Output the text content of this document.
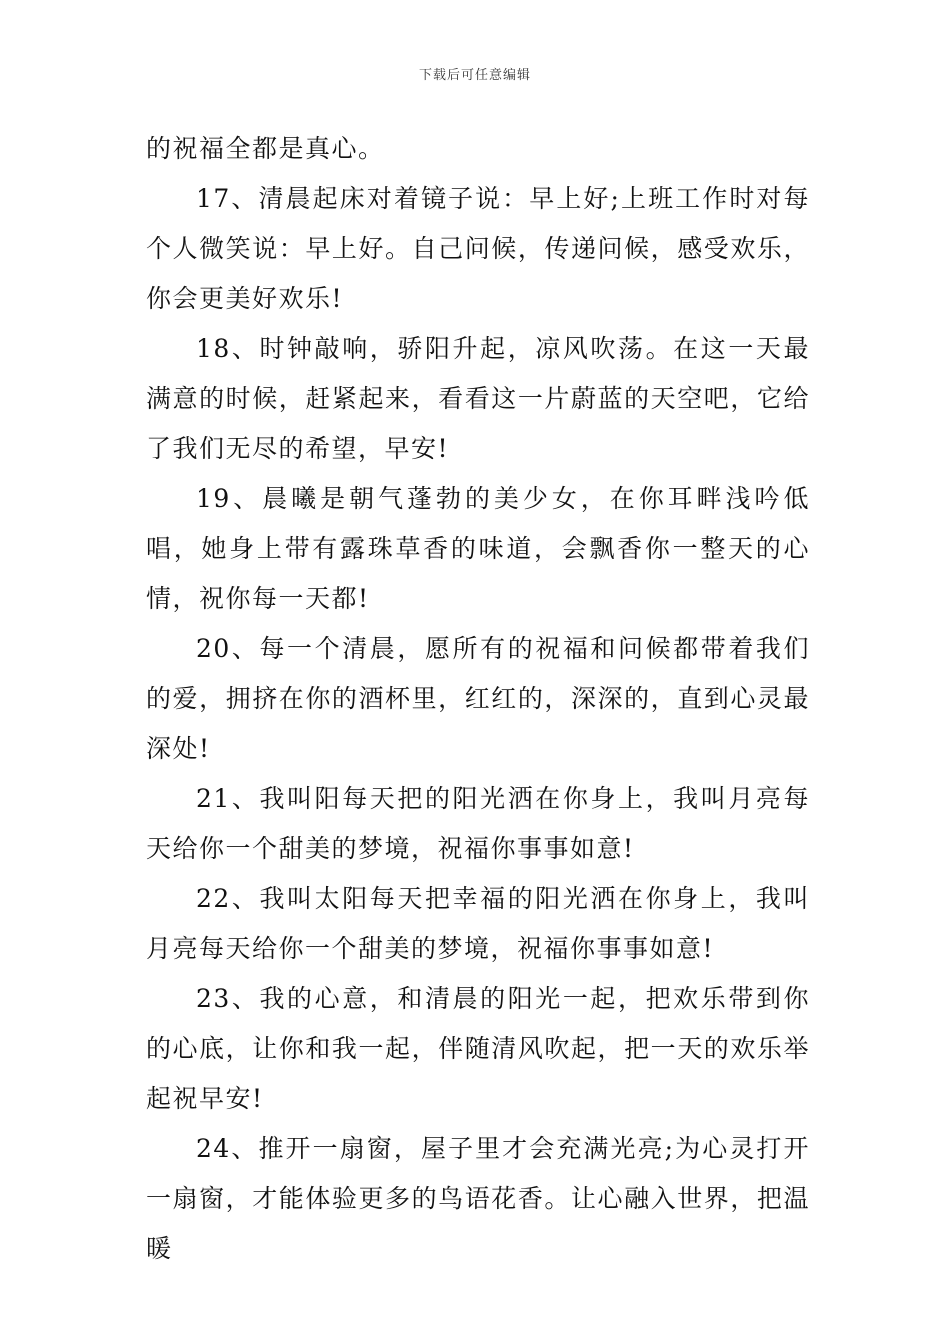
下载后可任意编辑

的祝福全都是真心。

17、清晨起床对着镜子说：早上好;上班工作时对每个人微笑说：早上好。自己问候，传递问候，感受欢乐，你会更美好欢乐!

18、时钟敲响，骄阳升起，凉风吹荡。在这一天最满意的时候，赶紧起来，看看这一片蔚蓝的天空吧，它给了我们无尽的希望，早安!

19、晨曦是朝气蓬勃的美少女，在你耳畔浅吟低唱，她身上带有露珠草香的味道，会飘香你一整天的心情，祝你每一天都!

20、每一个清晨，愿所有的祝福和问候都带着我们的爱，拥挤在你的酒杯里，红红的，深深的，直到心灵最深处!

21、我叫阳每天把的阳光洒在你身上，我叫月亮每天给你一个甜美的梦境，祝福你事事如意!

22、我叫太阳每天把幸福的阳光洒在你身上，我叫月亮每天给你一个甜美的梦境，祝福你事事如意!

23、我的心意，和清晨的阳光一起，把欢乐带到你的心底，让你和我一起，伴随清风吹起，把一天的欢乐举起祝早安!

24、推开一扇窗，屋子里才会充满光亮;为心灵打开一扇窗，才能体验更多的鸟语花香。让心融入世界，把温暖
